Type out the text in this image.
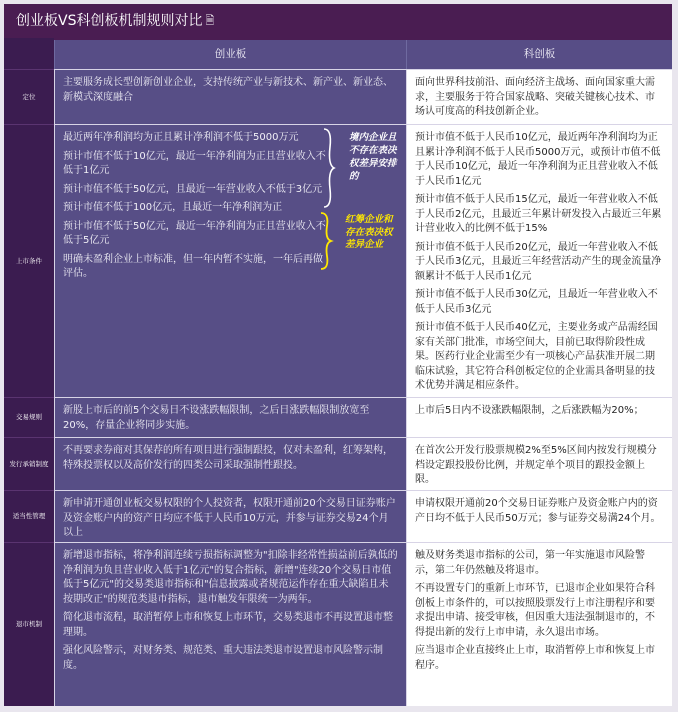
创业板VS科创板机制规则对比 🗎
创业板	科创板
定位

主要服务成长型创新创业企业，支持传统产业与新技术、新产业、新业态、新模式深度融合

面向世界科技前沿、面向经济主战场、面向国家重大需求，主要服务于符合国家战略、突破关键核心技术、市场认可度高的科技创新企业。

上市条件

最近两年净利润均为正且累计净利润不低于5000万元

预计市值不低于10亿元，最近一年净利润为正且营业收入不低于1亿元

预计市值不低于50亿元，且最近一年营业收入不低于3亿元

预计市值不低于100亿元，且最近一年净利润为正

预计市值不低于50亿元，最近一年净利润为正且营业收入不低于5亿元

明确未盈利企业上市标准，但一年内暂不实施，一年后再做评估。

境内企业且不存在表决权差异安排的
红筹企业和存在表决权差异企业

预计市值不低于人民币10亿元，最近两年净利润均为正且累计净利润不低于人民币5000万元，或预计市值不低于人民币10亿元，最近一年净利润为正且营业收入不低于人民币1亿元

预计市值不低于人民币15亿元，最近一年营业收入不低于人民币2亿元，且最近三年累计研发投入占最近三年累计营业收入的比例不低于15%

预计市值不低于人民币20亿元，最近一年营业收入不低于人民币3亿元，且最近三年经营活动产生的现金流量净额累计不低于人民币1亿元

预计市值不低于人民币30亿元，且最近一年营业收入不低于人民币3亿元

预计市值不低于人民币40亿元，主要业务或产品需经国家有关部门批准，市场空间大，目前已取得阶段性成果。医药行业企业需至少有一项核心产品获准开展二期临床试验，其它符合科创板定位的企业需具备明显的技术优势并满足相应条件。

交易规则

新股上市后的前5个交易日不设涨跌幅限制，之后日涨跌幅限制放宽至20%，存量企业将同步实施。

上市后5日内不设涨跌幅限制，之后涨跌幅为20%；

发行承销制度

不再要求券商对其保荐的所有项目进行强制跟投，仅对未盈利，红筹架构，特殊投票权以及高价发行的四类公司采取强制性跟投。

在首次公开发行股票规模2%至5%区间内按发行规模分档设定跟投股份比例，并规定单个项目的跟投金额上限。

适当性管理

新申请开通创业板交易权限的个人投资者，权限开通前20个交易日证券账户及资金账户内的资产日均应不低于人民币10万元，并参与证券交易24个月以上

申请权限开通前20个交易日证券账户及资金账户内的资产日均不低于人民币50万元；参与证券交易满24个月。

退市机制

新增退市指标，将净利润连续亏损指标调整为"扣除非经常性损益前后孰低的净利润为负且营业收入低于1亿元"的复合指标，新增"连续20个交易日市值低于5亿元"的交易类退市指标和"信息披露或者规范运作存在重大缺陷且未按期改正"的规范类退市指标，退市触发年限统一为两年。

简化退市流程，取消暂停上市和恢复上市环节，交易类退市不再设置退市整理期。

强化风险警示，对财务类、规范类、重大违法类退市设置退市风险警示制度。

触及财务类退市指标的公司，第一年实施退市风险警示，第二年仍然触及将退市。

不再设置专门的重新上市环节，已退市企业如果符合科创板上市条件的，可以按照股票发行上市注册程序和要求提出申请、接受审核，但因重大违法强制退市的，不得提出新的发行上市申请，永久退出市场。

应当退市企业直接终止上市，取消暂停上市和恢复上市程序。
